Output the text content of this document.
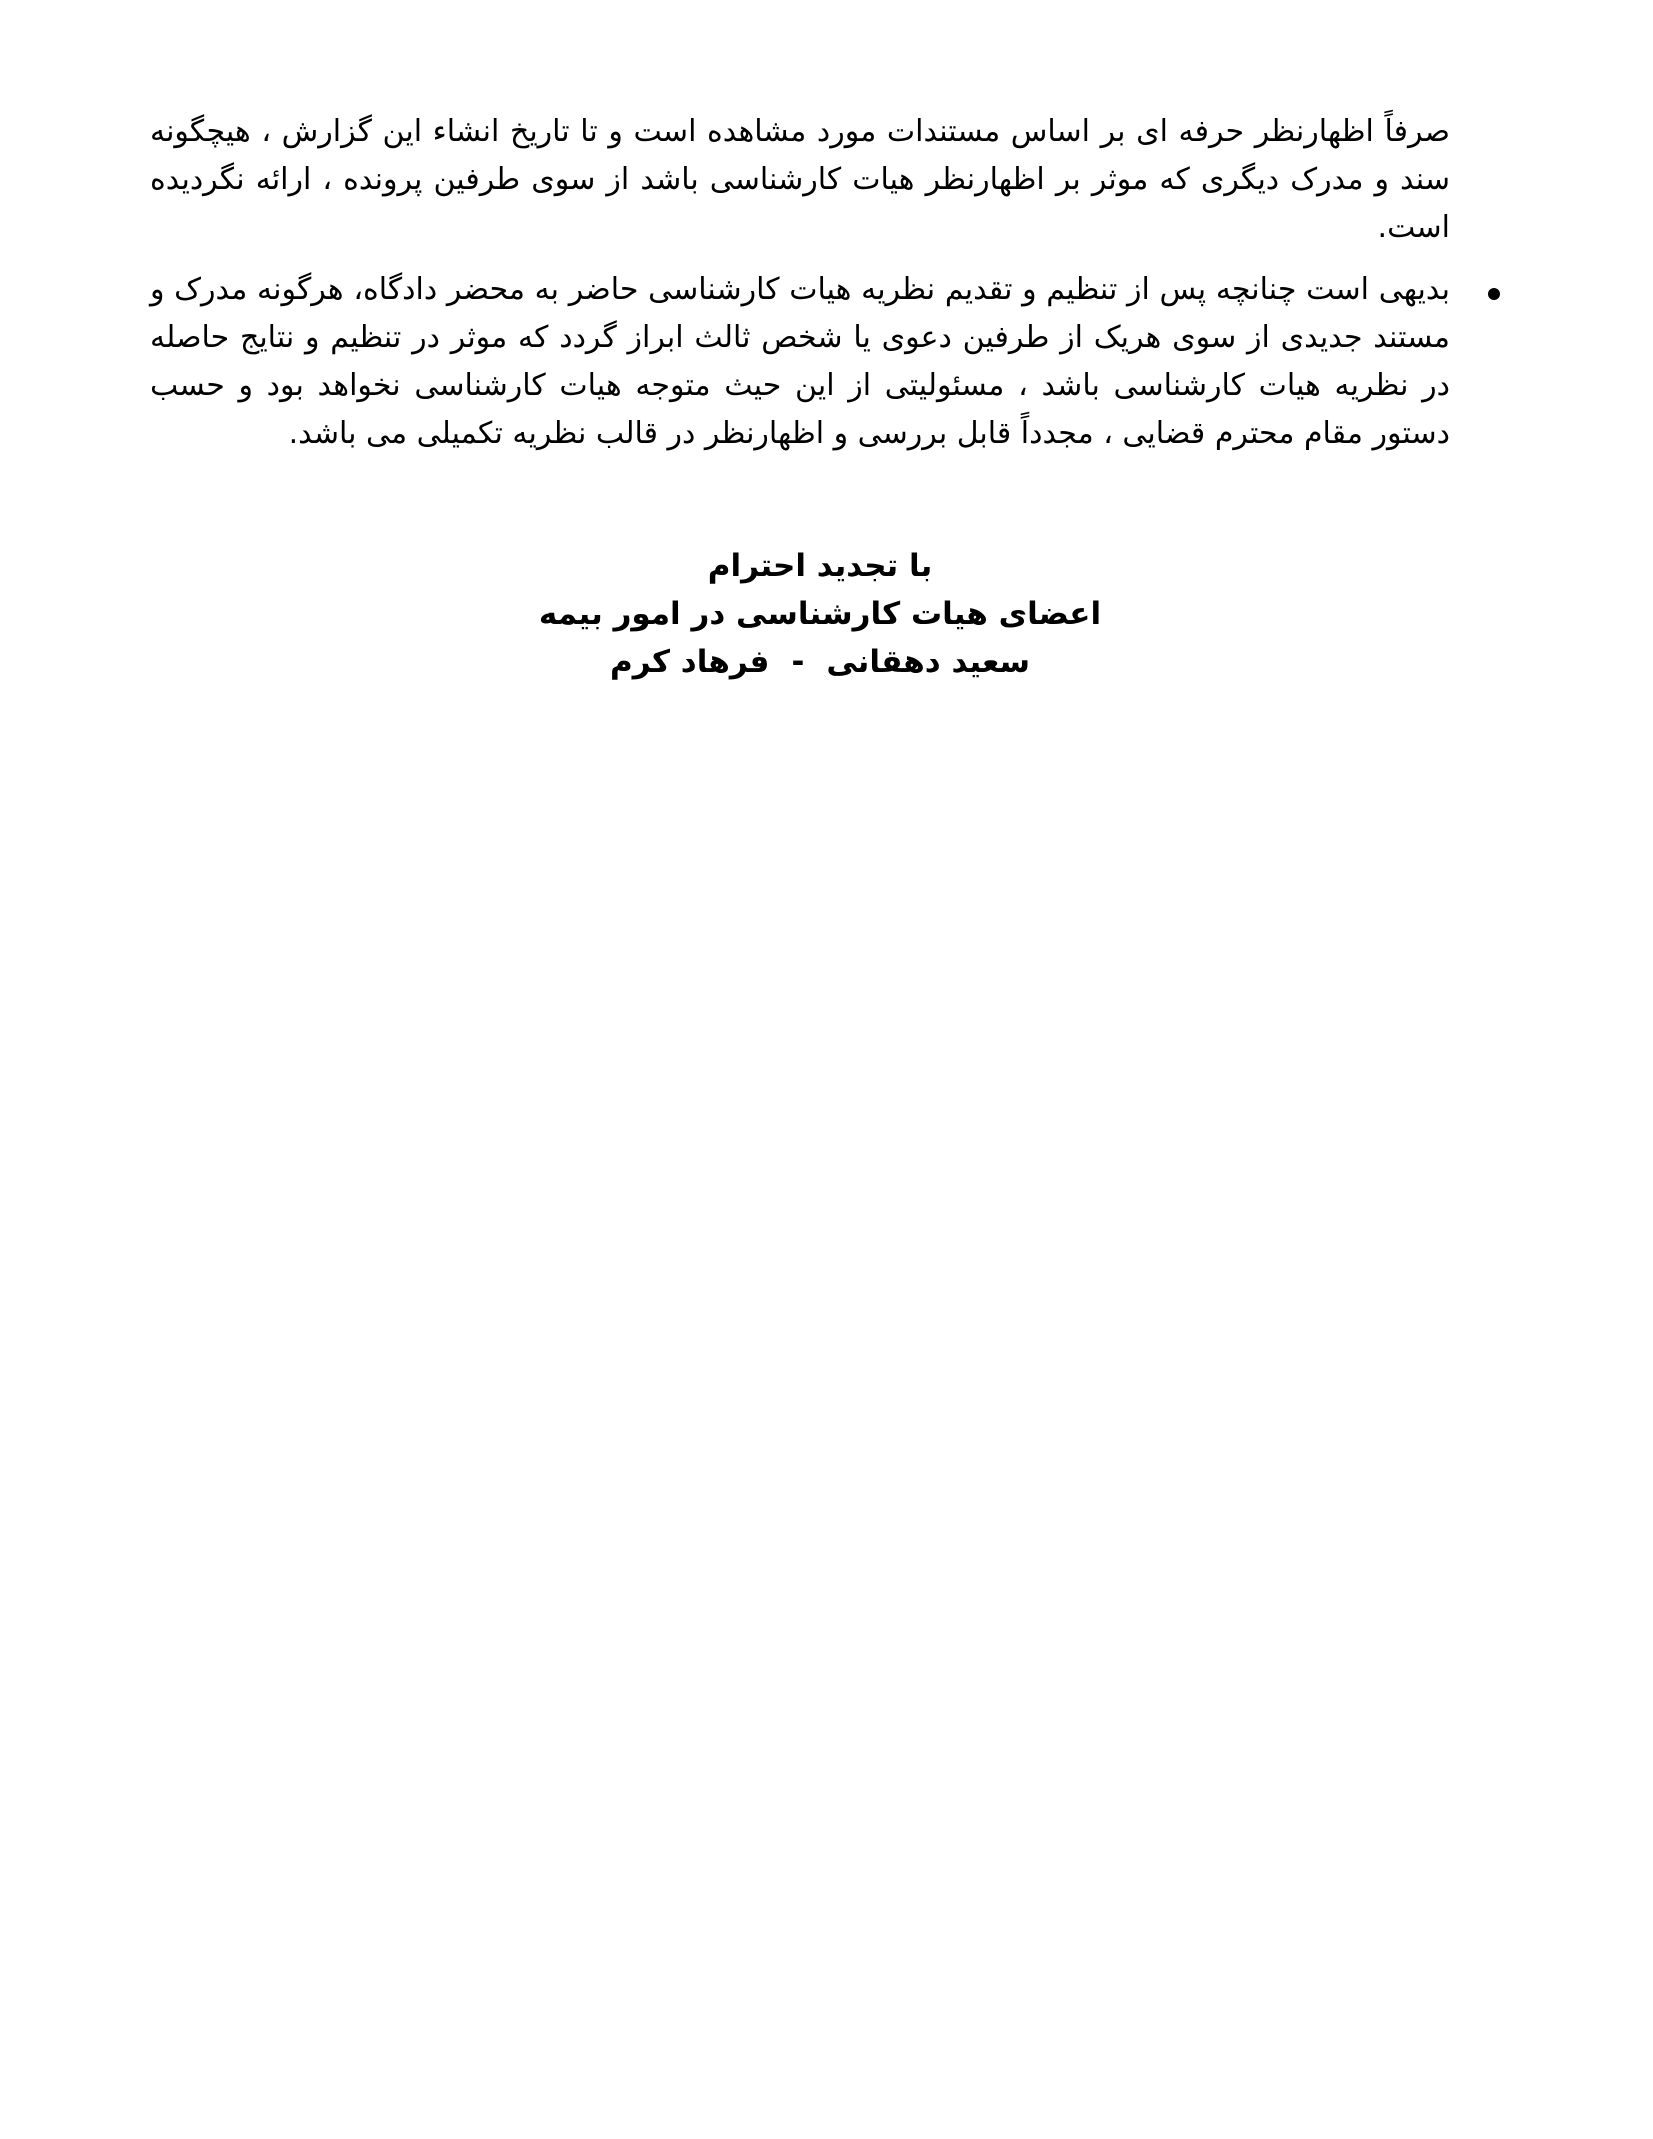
صرفاً اظهارنظر حرفه ای بر اساس مستندات مورد مشاهده است و تا تاریخ انشاء این گزارش ، هیچگونه سند و مدرک دیگری که موثر بر اظهارنظر هیات کارشناسی باشد از سوی طرفین پرونده ، ارائه نگردیده است.

بدیهی است چنانچه پس از تنظیم و تقدیم نظریه هیات کارشناسی حاضر به محضر دادگاه، هرگونه مدرک و مستند جدیدی از سوی هریک از طرفین دعوی یا شخص ثالث ابراز گردد که موثر در تنظیم و نتایج حاصله در نظریه هیات کارشناسی باشد ، مسئولیتی از این حیث متوجه هیات کارشناسی نخواهد بود و حسب دستور مقام محترم قضایی ، مجدداً قابل بررسی و اظهارنظر در قالب نظریه تکمیلی می باشد.

با تجدید احترام
اعضای هیات کارشناسی در امور بیمه
سعید دهقانی
-
فرهاد کرم
